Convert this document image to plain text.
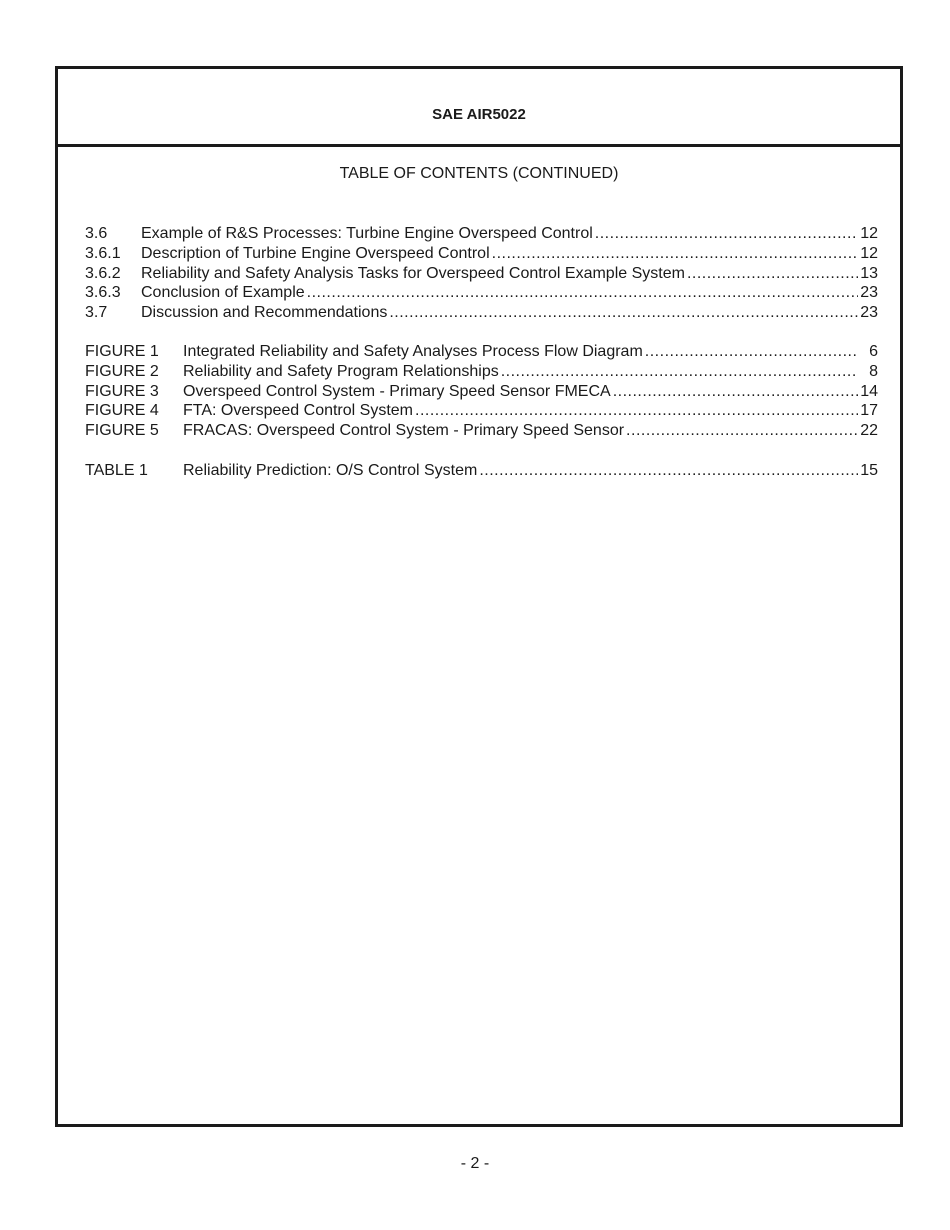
SAE AIR5022
TABLE OF CONTENTS (CONTINUED)
3.6	Example of R&S Processes: Turbine Engine Overspeed Control .....	12
3.6.1	Description of Turbine Engine Overspeed Control .....	12
3.6.2	Reliability and Safety Analysis Tasks for Overspeed Control Example System .....	13
3.6.3	Conclusion of Example .....	23
3.7	Discussion and Recommendations .....	23
FIGURE 1	Integrated Reliability and Safety Analyses Process Flow Diagram .....	6
FIGURE 2	Reliability and Safety Program Relationships .....	8
FIGURE 3	Overspeed Control System - Primary Speed Sensor FMECA .....	14
FIGURE 4	FTA: Overspeed Control System .....	17
FIGURE 5	FRACAS: Overspeed Control System - Primary Speed Sensor .....	22
TABLE 1	Reliability Prediction: O/S Control System .....	15
- 2 -
